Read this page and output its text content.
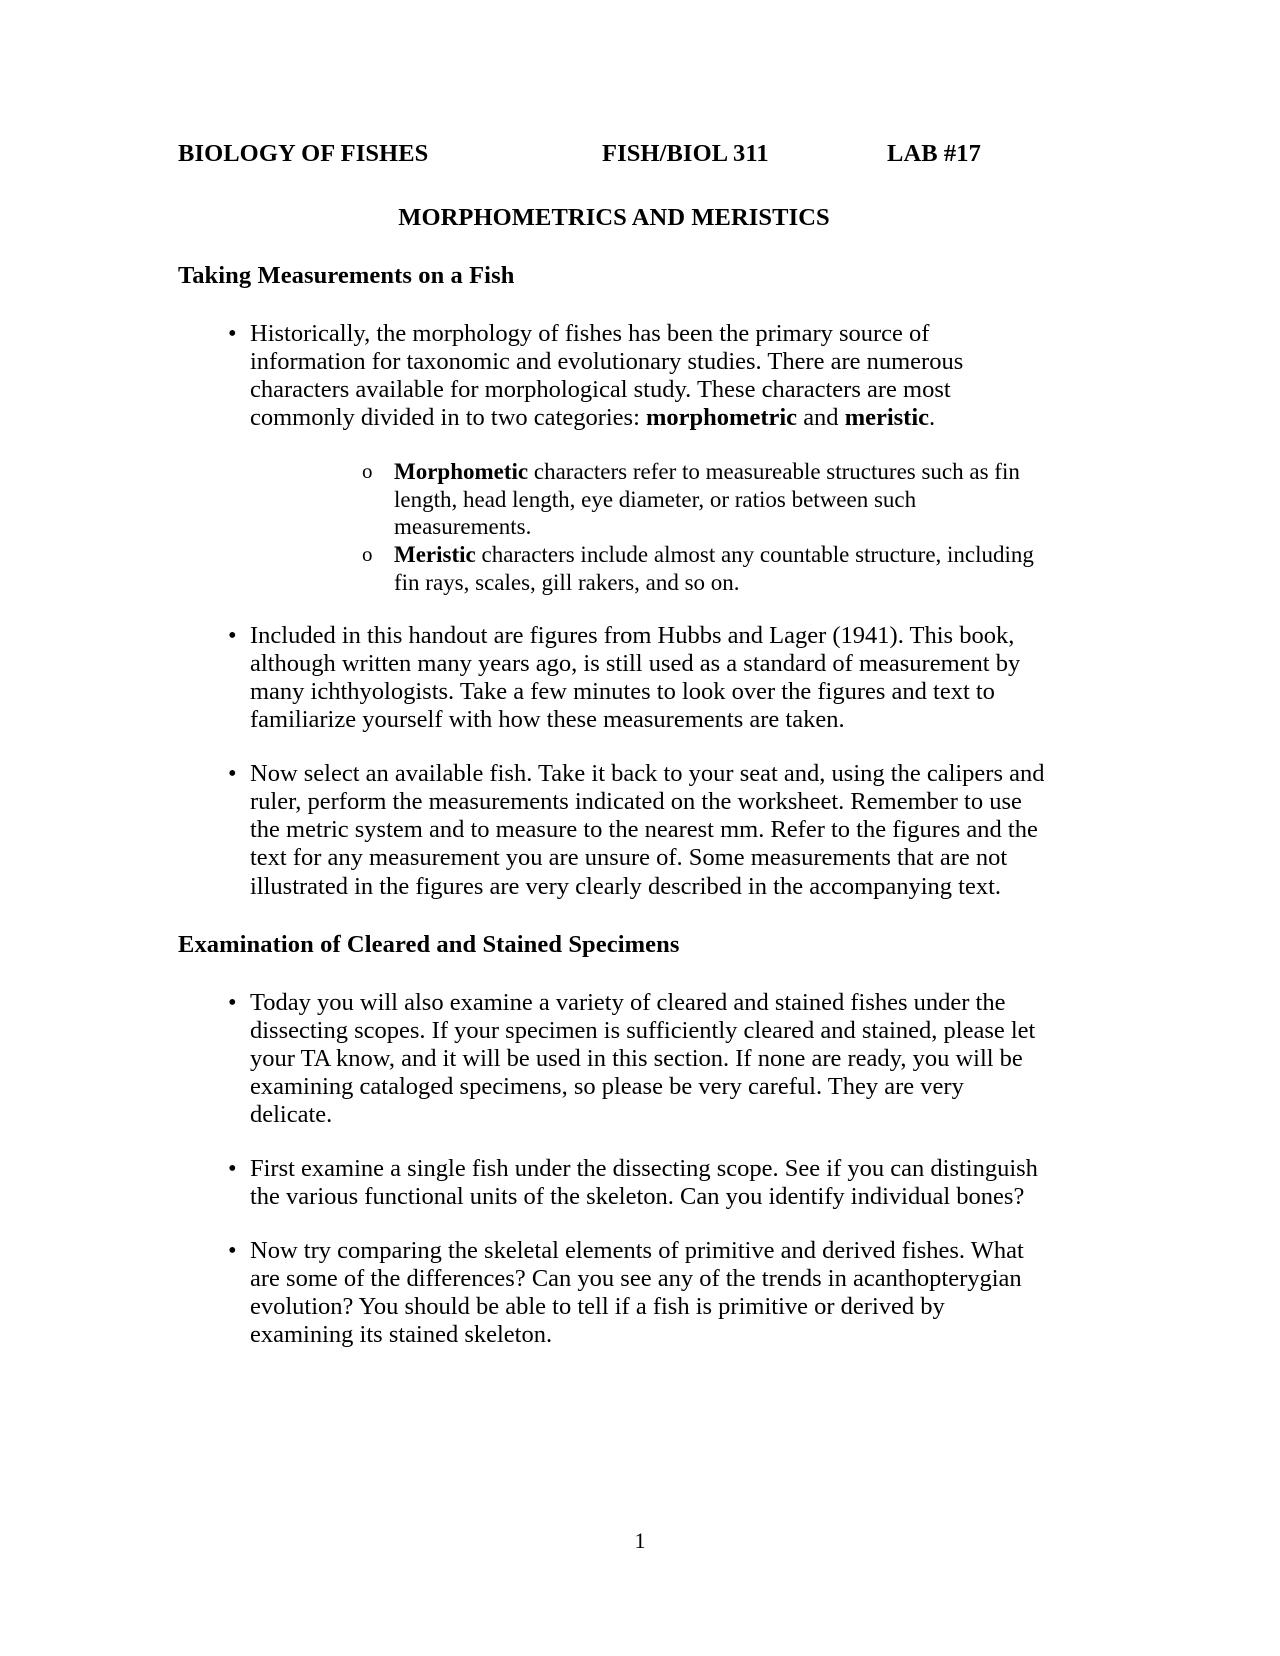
BIOLOGY OF FISHES	FISH/BIOL 311	LAB #17
MORPHOMETRICS AND MERISTICS
Taking Measurements on a Fish
• Historically, the morphology of fishes has been the primary source of information for taxonomic and evolutionary studies. There are numerous characters available for morphological study. These characters are most commonly divided in to two categories: morphometric and meristic.
o Morphometic characters refer to measureable structures such as fin length, head length, eye diameter, or ratios between such measurements.
o Meristic characters include almost any countable structure, including fin rays, scales, gill rakers, and so on.
• Included in this handout are figures from Hubbs and Lager (1941). This book, although written many years ago, is still used as a standard of measurement by many ichthyologists. Take a few minutes to look over the figures and text to familiarize yourself with how these measurements are taken.
• Now select an available fish. Take it back to your seat and, using the calipers and ruler, perform the measurements indicated on the worksheet. Remember to use the metric system and to measure to the nearest mm. Refer to the figures and the text for any measurement you are unsure of. Some measurements that are not illustrated in the figures are very clearly described in the accompanying text.
Examination of Cleared and Stained Specimens
• Today you will also examine a variety of cleared and stained fishes under the dissecting scopes. If your specimen is sufficiently cleared and stained, please let your TA know, and it will be used in this section. If none are ready, you will be examining cataloged specimens, so please be very careful. They are very delicate.
• First examine a single fish under the dissecting scope. See if you can distinguish the various functional units of the skeleton. Can you identify individual bones?
• Now try comparing the skeletal elements of primitive and derived fishes. What are some of the differences? Can you see any of the trends in acanthopterygian evolution? You should be able to tell if a fish is primitive or derived by examining its stained skeleton.
1
